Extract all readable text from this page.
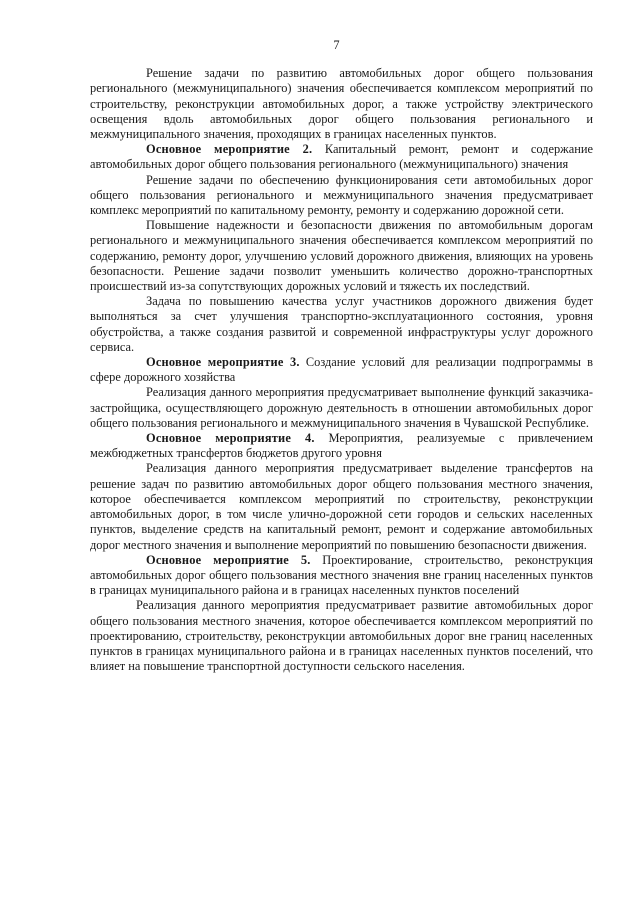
7

Решение задачи по развитию автомобильных дорог общего пользования регионального (межмуниципального) значения обеспечивается комплексом мероприятий по строительству, реконструкции автомобильных дорог, а также устройству электрического освещения вдоль автомобильных дорог общего пользования регионального и межмуниципального значения, проходящих в границах населенных пунктов.

Основное мероприятие 2. Капитальный ремонт, ремонт и содержание автомобильных дорог общего пользования регионального (межмуниципального) значения

Решение задачи по обеспечению функционирования сети автомобильных дорог общего пользования регионального и межмуниципального значения предусматривает комплекс мероприятий по капитальному ремонту, ремонту и содержанию дорожной сети.

Повышение надежности и безопасности движения по автомобильным дорогам регионального и межмуниципального значения обеспечивается комплексом мероприятий по содержанию, ремонту дорог, улучшению условий дорожного движения, влияющих на уровень безопасности. Решение задачи позволит уменьшить количество дорожно-транспортных происшествий из-за сопутствующих дорожных условий и тяжесть их последствий.

Задача по повышению качества услуг участников дорожного движения будет выполняться за счет улучшения транспортно-эксплуатационного состояния, уровня обустройства, а также создания развитой и современной инфраструктуры услуг дорожного сервиса.

Основное мероприятие 3. Создание условий для реализации подпрограммы в сфере дорожного хозяйства

Реализация данного мероприятия предусматривает выполнение функций заказчика-застройщика, осуществляющего дорожную деятельность в отношении автомобильных дорог общего пользования регионального и межмуниципального значения в Чувашской Республике.

Основное мероприятие 4. Мероприятия, реализуемые с привлечением межбюджетных трансфертов бюджетов другого уровня

Реализация данного мероприятия предусматривает выделение трансфертов на решение задач по развитию автомобильных дорог общего пользования местного значения, которое обеспечивается комплексом мероприятий по строительству, реконструкции автомобильных дорог, в том числе улично-дорожной сети городов и сельских населенных пунктов, выделение средств на капитальный ремонт, ремонт и содержание автомобильных дорог местного значения и выполнение мероприятий по повышению безопасности движения.

Основное мероприятие 5. Проектирование, строительство, реконструкция автомобильных дорог общего пользования местного значения вне границ населенных пунктов в границах муниципального района и в границах населенных пунктов поселений

Реализация данного мероприятия предусматривает развитие автомобильных дорог общего пользования местного значения, которое обеспечивается комплексом мероприятий по проектированию, строительству, реконструкции автомобильных дорог вне границ населенных пунктов в границах муниципального района и в границах населенных пунктов поселений, что влияет на повышение транспортной доступности сельского населения.
